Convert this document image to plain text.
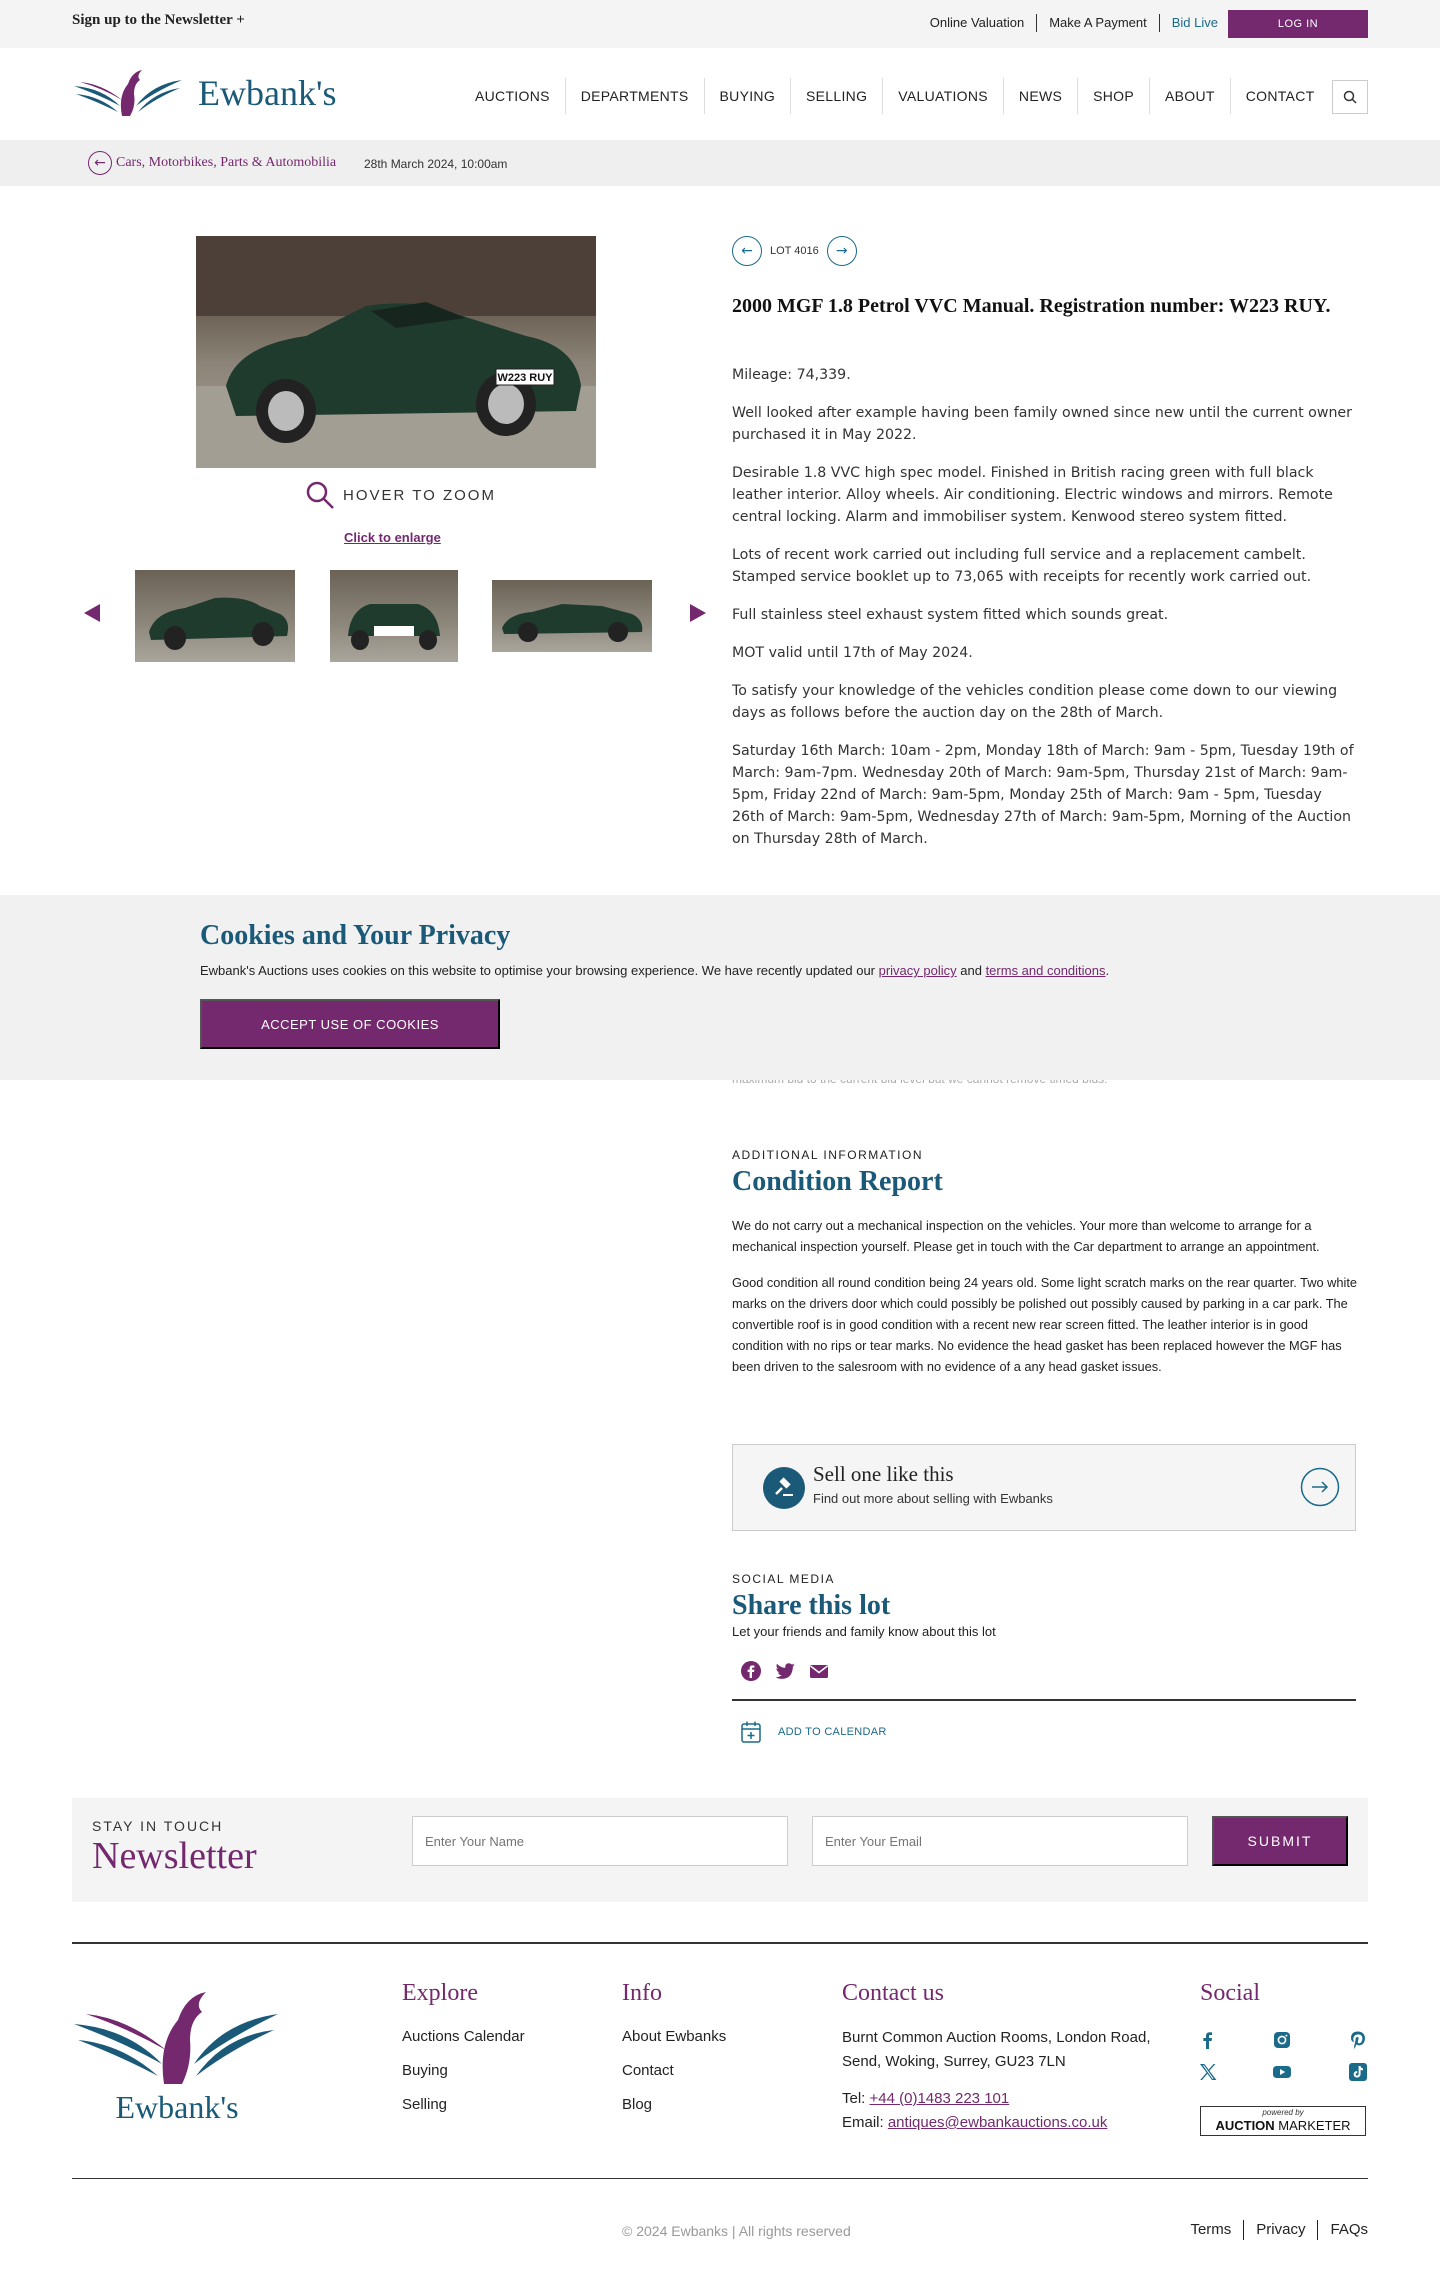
Sign up to the Newsletter +	Online Valuation	Make A Payment	Bid Live	LOG IN
Ewbank's	AUCTIONS	DEPARTMENTS	BUYING	SELLING	VALUATIONS	NEWS	SHOP	ABOUT	CONTACT
← Cars, Motorbikes, Parts & Automobilia 28th March 2024, 10:00am
W223 RUY
HOVER TO ZOOM
Click to enlarge
←	LOT 4016	→
2000 MGF 1.8 Petrol VVC Manual. Registration number: W223 RUY.

Mileage: 74,339.

Well looked after example having been family owned since new until the current owner purchased it in May 2022.

Desirable 1.8 VVC high spec model. Finished in British racing green with full black leather interior. Alloy wheels. Air conditioning. Electric windows and mirrors. Remote central locking. Alarm and immobiliser system. Kenwood stereo system fitted.

Lots of recent work carried out including full service and a replacement cambelt. Stamped service booklet up to 73,065 with receipts for recently work carried out.

Full stainless steel exhaust system fitted which sounds great.

MOT valid until 17th of May 2024.

To satisfy your knowledge of the vehicles condition please come down to our viewing days as follows before the auction day on the 28th of March.

Saturday 16th March: 10am - 2pm, Monday 18th of March: 9am - 5pm, Tuesday 19th of March: 9am-7pm. Wednesday 20th of March: 9am-5pm, Thursday 21st of March: 9am-5pm, Friday 22nd of March: 9am-5pm, Monday 25th of March: 9am - 5pm, Tuesday 26th of March: 9am-5pm, Wednesday 27th of March: 9am-5pm, Morning of the Auction on Thursday 28th of March.

Cookies and Your Privacy

Ewbank's Auctions uses cookies on this website to optimise your browsing experience. We have recently updated our privacy policy and terms and conditions.

ACCEPT USE OF COOKIES
ADDITIONAL INFORMATION
Condition Report

We do not carry out a mechanical inspection on the vehicles. Your more than welcome to arrange for a mechanical inspection yourself. Please get in touch with the Car department to arrange an appointment.

Good condition all round condition being 24 years old. Some light scratch marks on the rear quarter. Two white marks on the drivers door which could possibly be polished out possibly caused by parking in a car park. The convertible roof is in good condition with a recent new rear screen fitted. The leather interior is in good condition with no rips or tear marks. No evidence the head gasket has been replaced however the MGF has been driven to the salesroom with no evidence of a any head gasket issues.

Sell one like this
Find out more about selling with Ewbanks
SOCIAL MEDIA
Share this lot
Let your friends and family know about this lot
ADD TO CALENDAR
STAY IN TOUCH
Newsletter
Enter Your Name
Enter Your Email	SUBMIT
Ewbank's
Explore
Auctions Calendar
Buying
Selling
Info
About Ewbanks
Contact
Blog
Contact us
Burnt Common Auction Rooms, London Road, Send, Woking, Surrey, GU23 7LN
Tel: +44 (0)1483 223 101
Email: antiques@ewbankauctions.co.uk
Social
powered by
AUCTION MARKETER
© 2024 Ewbanks | All rights reserved	Terms	Privacy	FAQs
